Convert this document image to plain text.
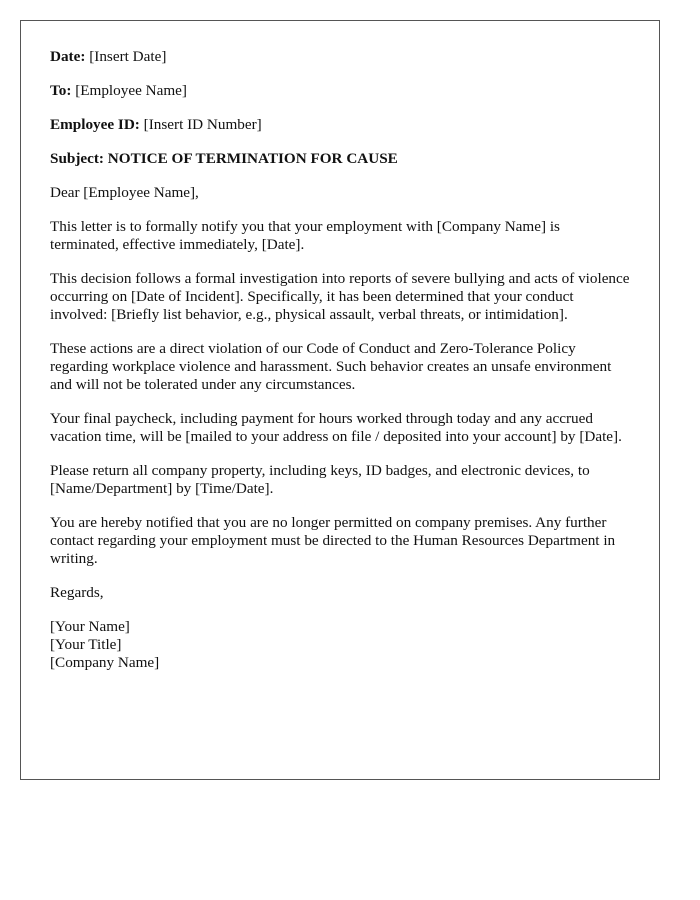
Date: [Insert Date]
To: [Employee Name]
Employee ID: [Insert ID Number]
Subject: NOTICE OF TERMINATION FOR CAUSE

Dear [Employee Name],

This letter is to formally notify you that your employment with [Company Name] is terminated, effective immediately, [Date].

This decision follows a formal investigation into reports of severe bullying and acts of violence occurring on [Date of Incident]. Specifically, it has been determined that your conduct involved: [Briefly list behavior, e.g., physical assault, verbal threats, or intimidation].

These actions are a direct violation of our Code of Conduct and Zero-Tolerance Policy regarding workplace violence and harassment. Such behavior creates an unsafe environment and will not be tolerated under any circumstances.

Your final paycheck, including payment for hours worked through today and any accrued vacation time, will be [mailed to your address on file / deposited into your account] by [Date].

Please return all company property, including keys, ID badges, and electronic devices, to [Name/Department] by [Time/Date].

You are hereby notified that you are no longer permitted on company premises. Any further contact regarding your employment must be directed to the Human Resources Department in writing.

Regards,

[Your Name]
[Your Title]
[Company Name]
